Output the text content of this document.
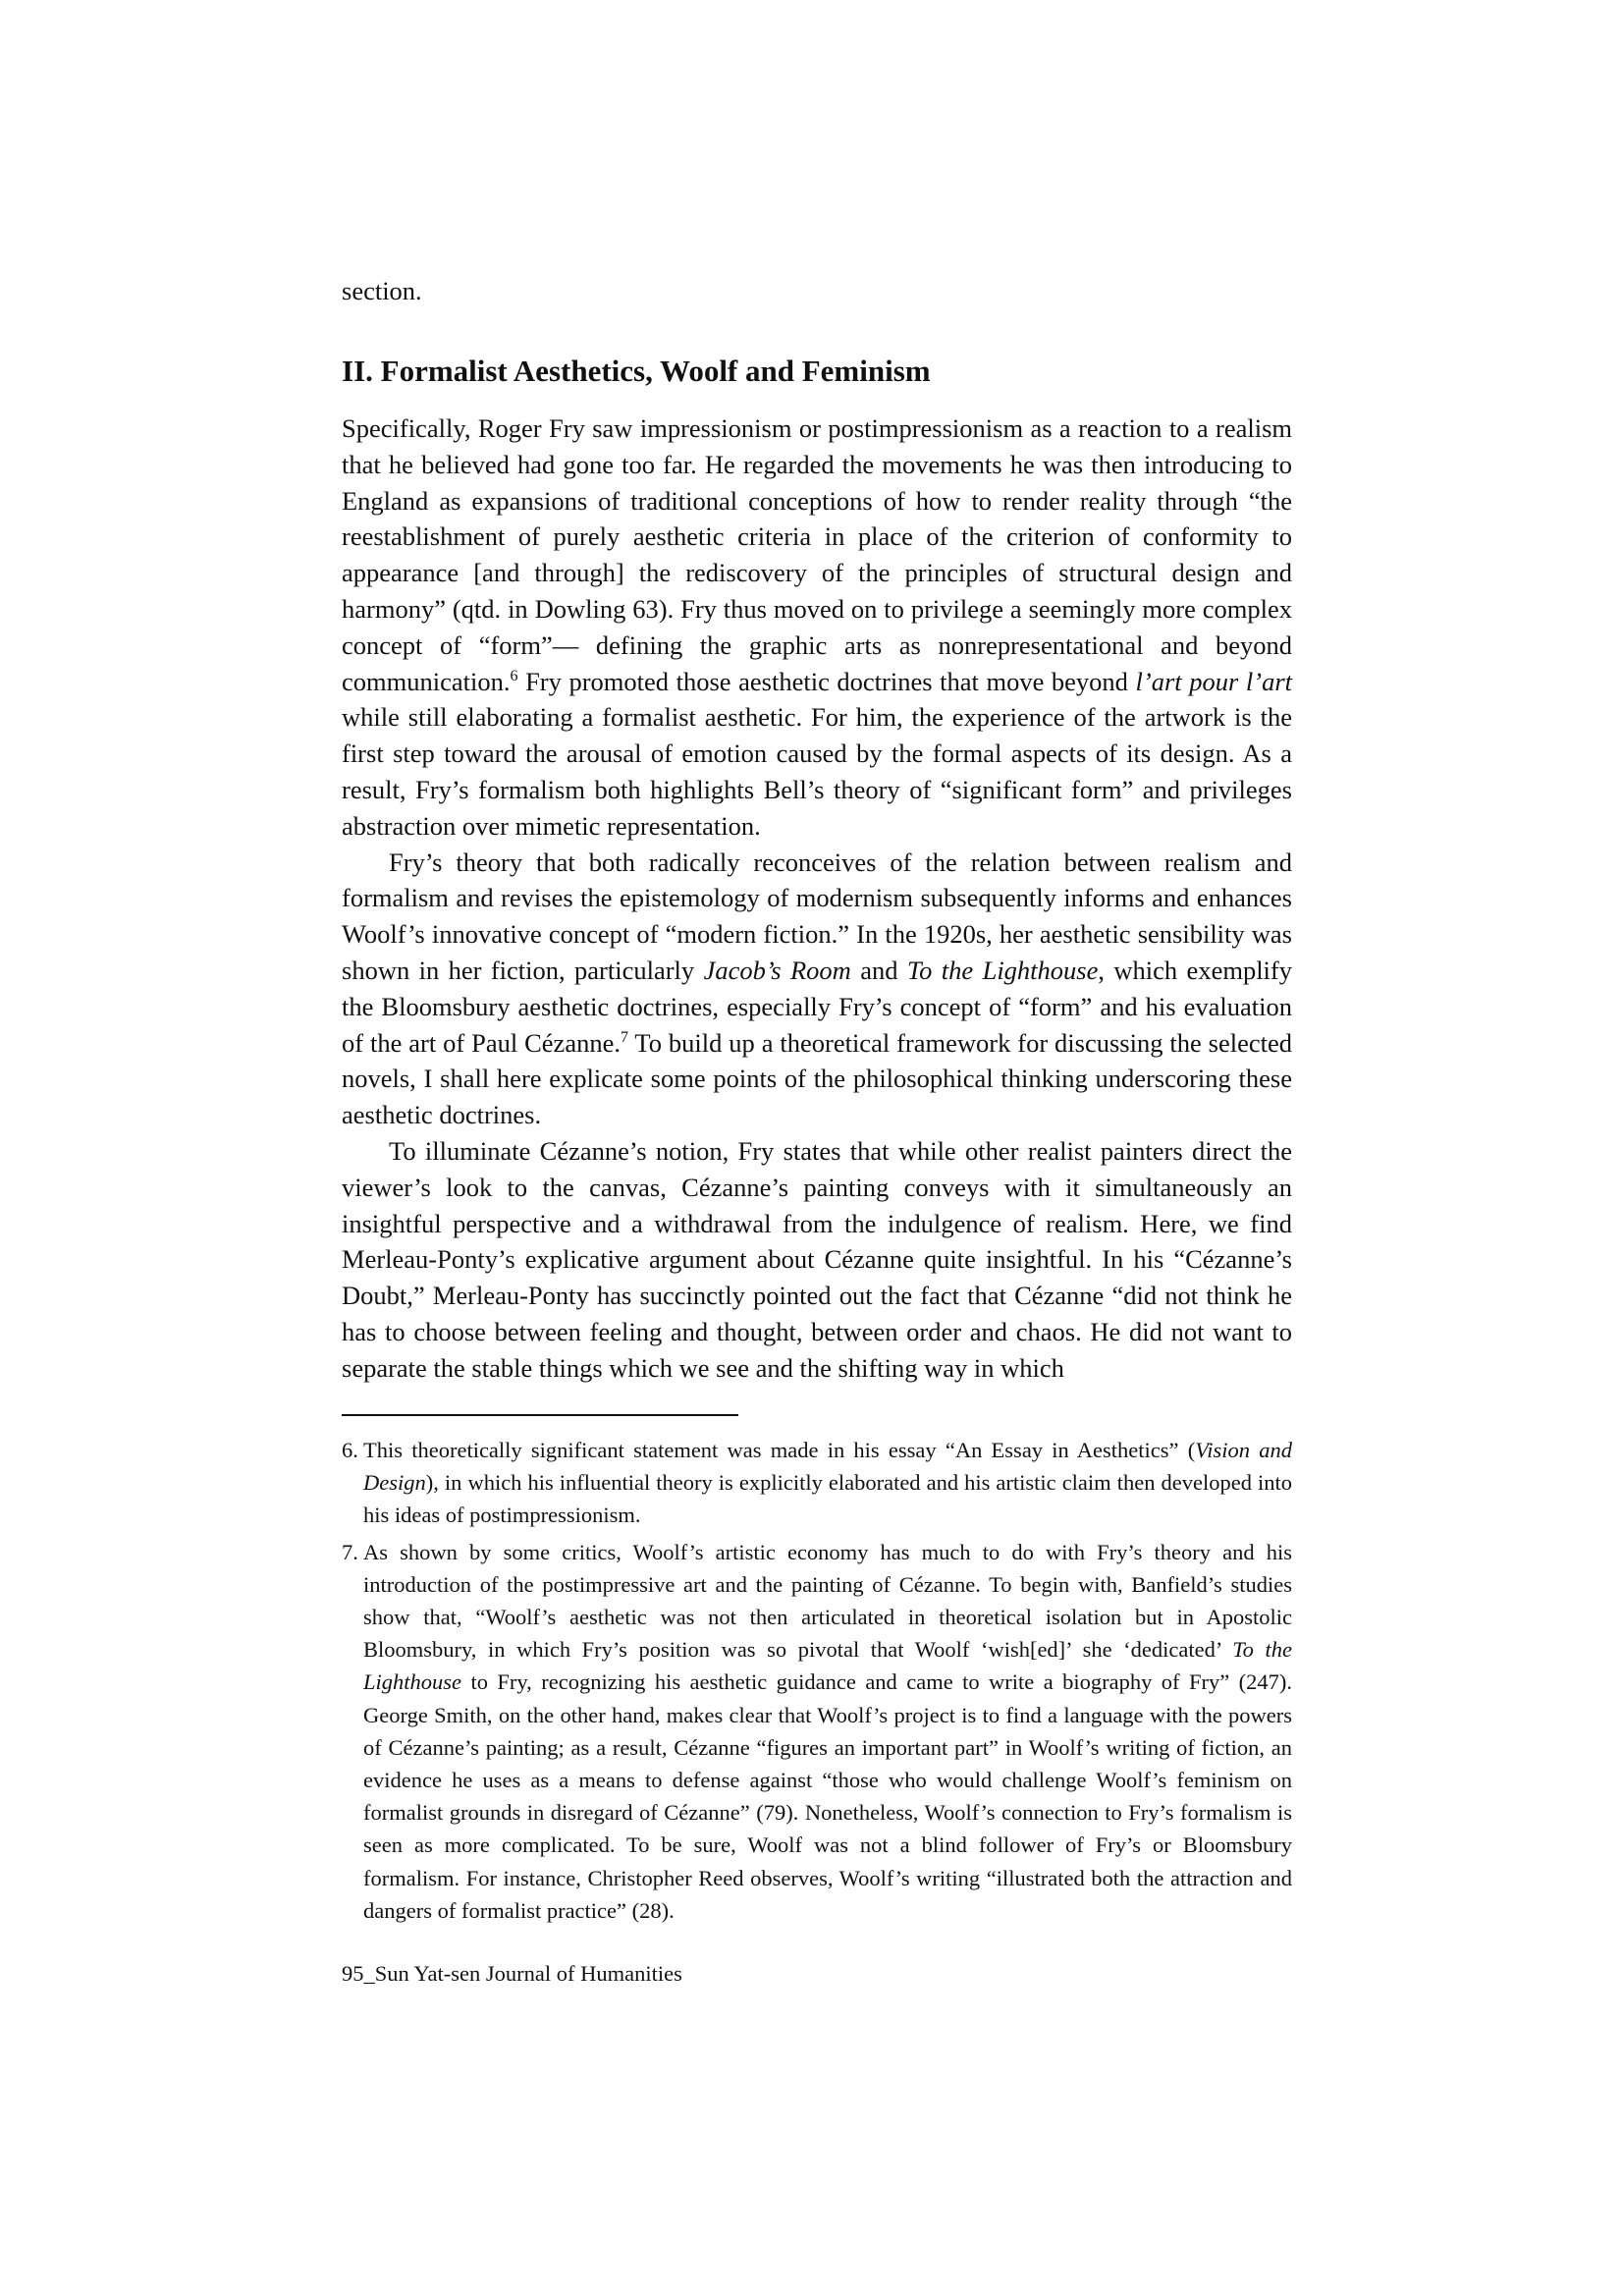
section.

II. Formalist Aesthetics, Woolf and Feminism

Specifically, Roger Fry saw impressionism or postimpressionism as a reaction to a realism that he believed had gone too far. He regarded the movements he was then introducing to England as expansions of traditional conceptions of how to render reality through “the reestablishment of purely aesthetic criteria in place of the criterion of conformity to appearance [and through] the rediscovery of the principles of structural design and harmony” (qtd. in Dowling 63). Fry thus moved on to privilege a seemingly more complex concept of “form”— defining the graphic arts as nonrepresentational and beyond communication.$^6$ Fry promoted those aesthetic doctrines that move beyond l’art pour l’art while still elaborating a formalist aesthetic. For him, the experience of the artwork is the first step toward the arousal of emotion caused by the formal aspects of its design. As a result, Fry’s formalism both highlights Bell’s theory of “significant form” and privileges abstraction over mimetic representation.

Fry’s theory that both radically reconceives of the relation between realism and formalism and revises the epistemology of modernism subsequently informs and enhances Woolf’s innovative concept of “modern fiction.” In the 1920s, her aesthetic sensibility was shown in her fiction, particularly Jacob’s Room and To the Lighthouse, which exemplify the Bloomsbury aesthetic doctrines, especially Fry’s concept of “form” and his evaluation of the art of Paul Cézanne.$^7$ To build up a theoretical framework for discussing the selected novels, I shall here explicate some points of the philosophical thinking underscoring these aesthetic doctrines.

To illuminate Cézanne’s notion, Fry states that while other realist painters direct the viewer’s look to the canvas, Cézanne’s painting conveys with it simultaneously an insightful perspective and a withdrawal from the indulgence of realism. Here, we find Merleau-Ponty’s explicative argument about Cézanne quite insightful. In his “Cézanne’s Doubt,” Merleau-Ponty has succinctly pointed out the fact that Cézanne “did not think he has to choose between feeling and thought, between order and chaos. He did not want to separate the stable things which we see and the shifting way in which

6. This theoretically significant statement was made in his essay “An Essay in Aesthetics” (Vision and Design), in which his influential theory is explicitly elaborated and his artistic claim then developed into his ideas of postimpressionism.
7. As shown by some critics, Woolf’s artistic economy has much to do with Fry’s theory and his introduction of the postimpressive art and the painting of Cézanne. To begin with, Banfield’s studies show that, “Woolf’s aesthetic was not then articulated in theoretical isolation but in Apostolic Bloomsbury, in which Fry’s position was so pivotal that Woolf ‘wish[ed]’ she ‘dedicated’ To the Lighthouse to Fry, recognizing his aesthetic guidance and came to write a biography of Fry” (247). George Smith, on the other hand, makes clear that Woolf’s project is to find a language with the powers of Cézanne’s painting; as a result, Cézanne “figures an important part” in Woolf’s writing of fiction, an evidence he uses as a means to defense against “those who would challenge Woolf’s feminism on formalist grounds in disregard of Cézanne” (79). Nonetheless, Woolf’s connection to Fry’s formalism is seen as more complicated. To be sure, Woolf was not a blind follower of Fry’s or Bloomsbury formalism. For instance, Christopher Reed observes, Woolf’s writing “illustrated both the attraction and dangers of formalist practice” (28).

95_Sun Yat-sen Journal of Humanities
